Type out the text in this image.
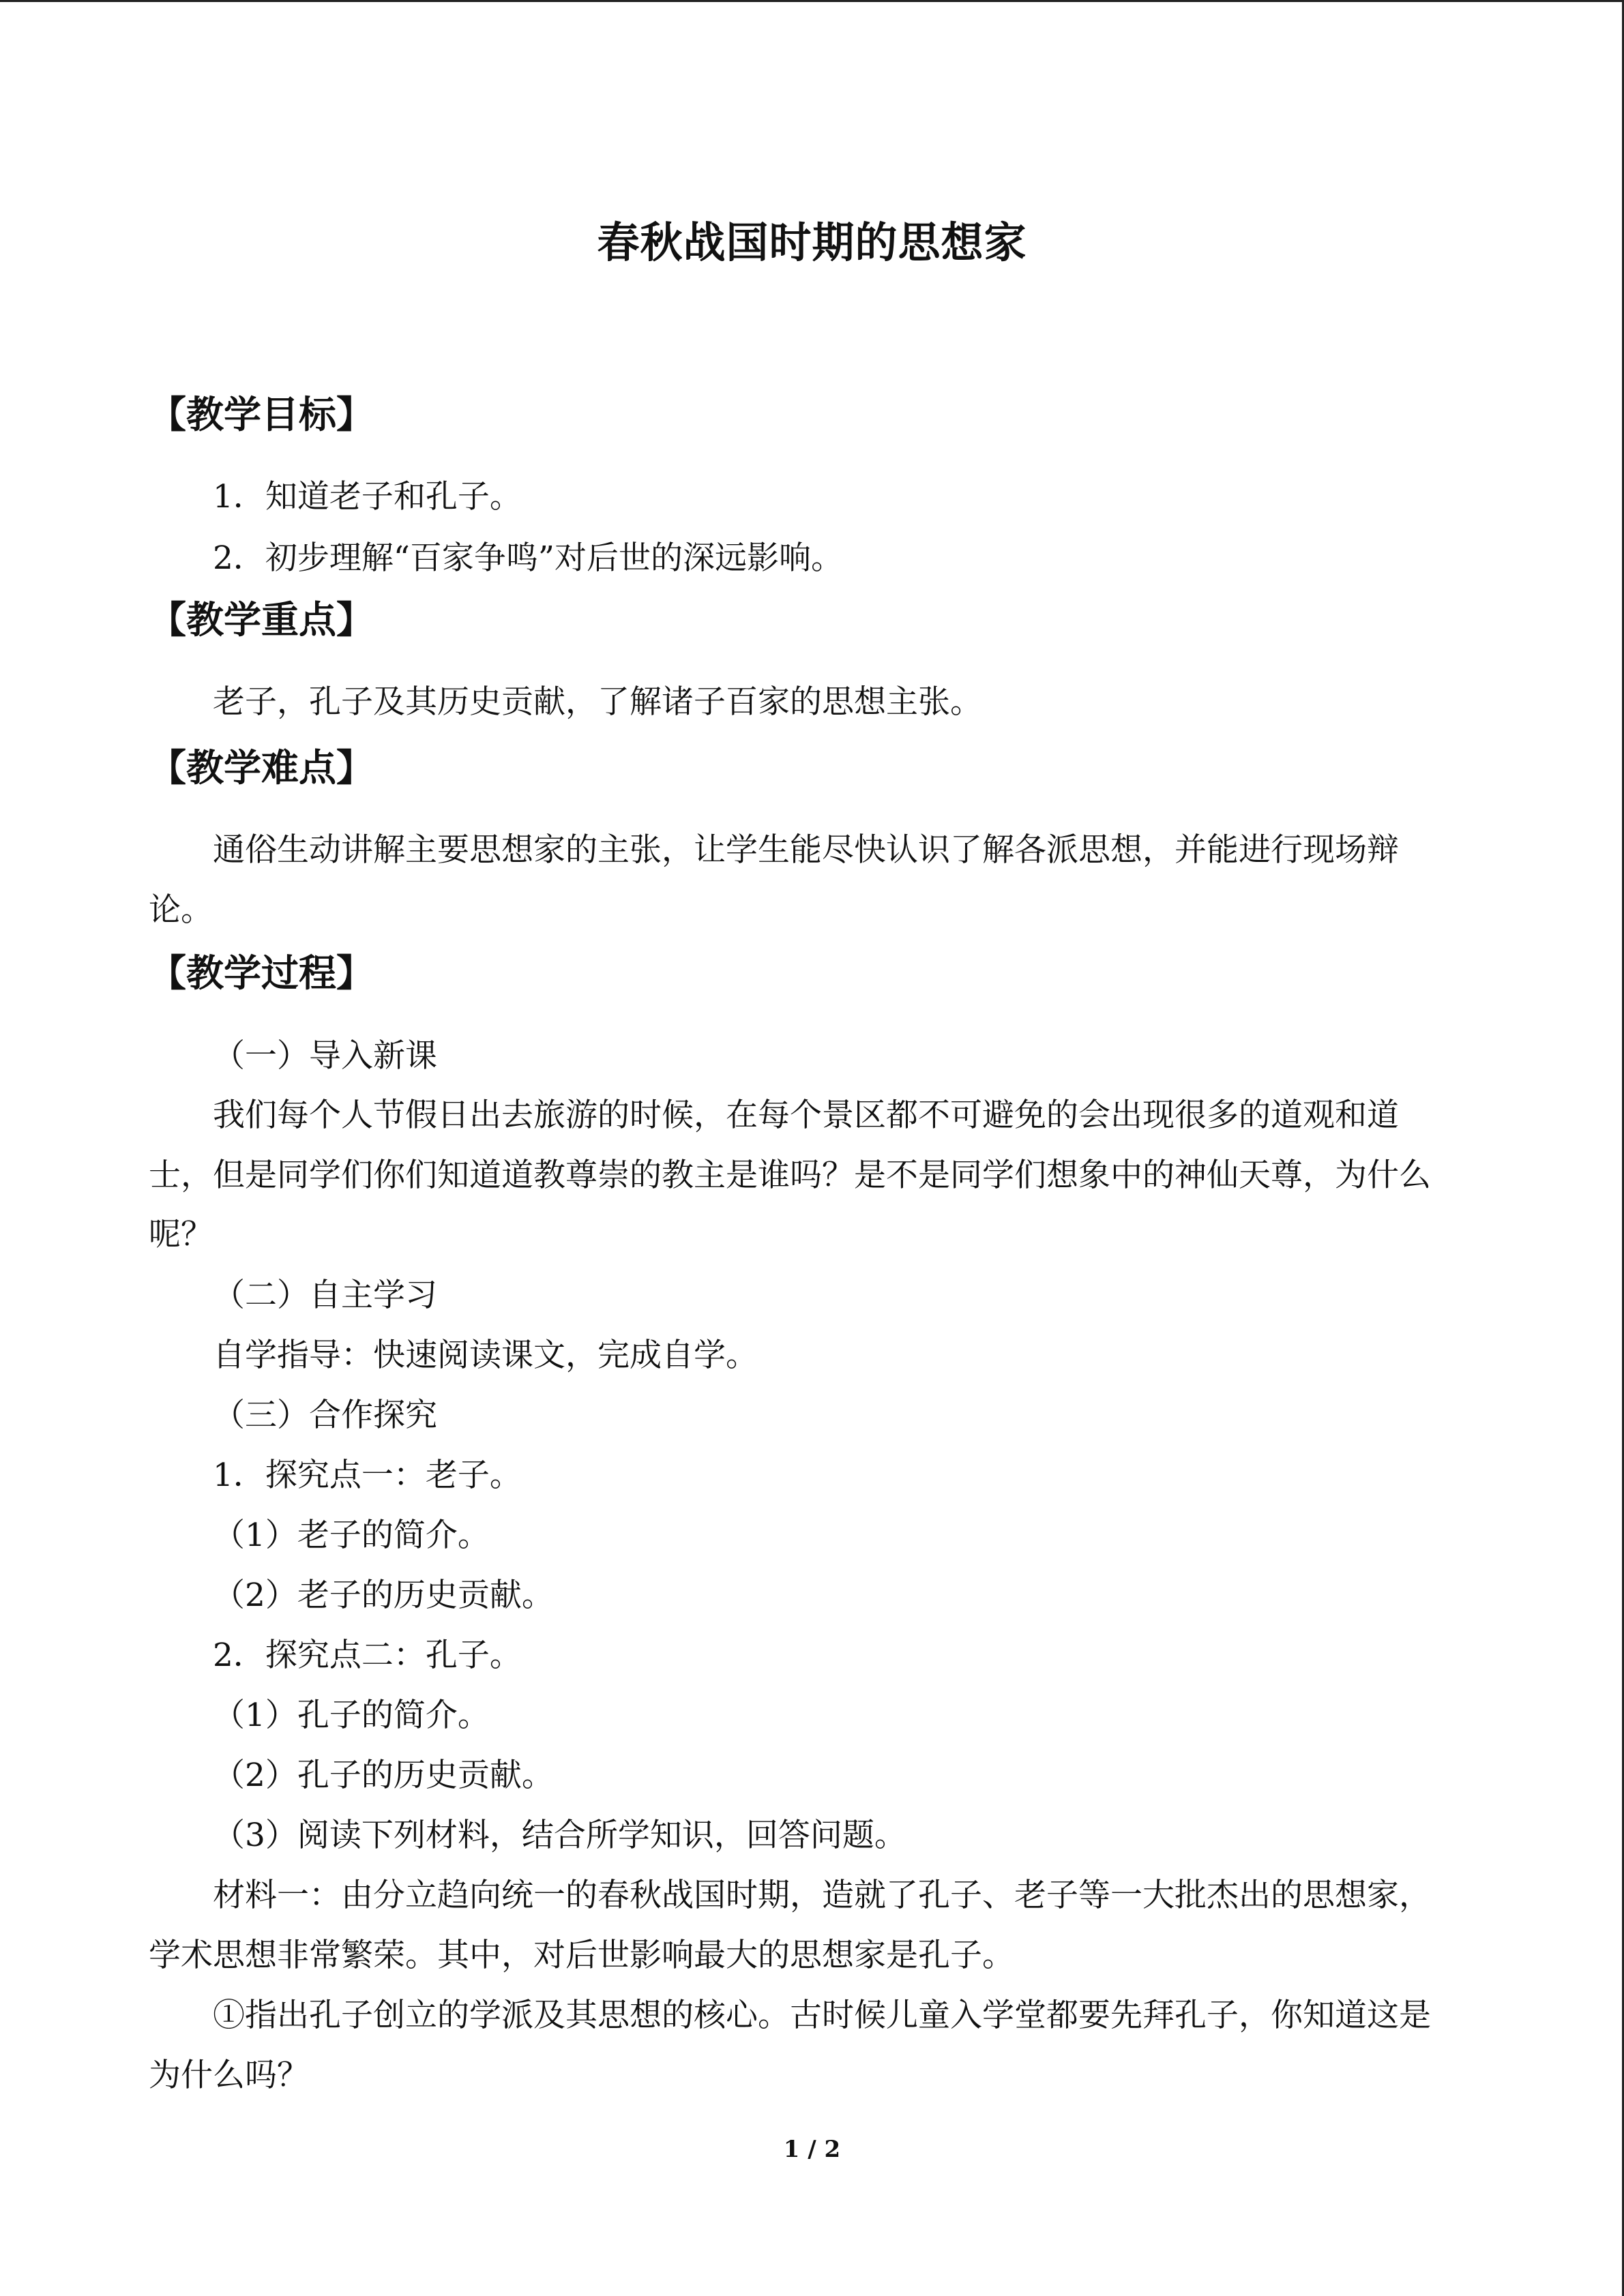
春秋战国时期的思想家
【教学目标】
1．知道老子和孔子。
2．初步理解“百家争鸣”对后世的深远影响。
【教学重点】
老子，孔子及其历史贡献，了解诸子百家的思想主张。
【教学难点】
通俗生动讲解主要思想家的主张，让学生能尽快认识了解各派思想，并能进行现场辩
论。
【教学过程】
（一）导入新课
我们每个人节假日出去旅游的时候，在每个景区都不可避免的会出现很多的道观和道
士，但是同学们你们知道道教尊崇的教主是谁吗？是不是同学们想象中的神仙天尊，为什么
呢？
（二）自主学习
自学指导：快速阅读课文，完成自学。
（三）合作探究
1．探究点一：老子。
（1）老子的简介。
（2）老子的历史贡献。
2．探究点二：孔子。
（1）孔子的简介。
（2）孔子的历史贡献。
（3）阅读下列材料，结合所学知识，回答问题。
材料一：由分立趋向统一的春秋战国时期，造就了孔子、老子等一大批杰出的思想家，
学术思想非常繁荣。其中，对后世影响最大的思想家是孔子。
①指出孔子创立的学派及其思想的核心。古时候儿童入学堂都要先拜孔子，你知道这是
为什么吗？
1 / 2
